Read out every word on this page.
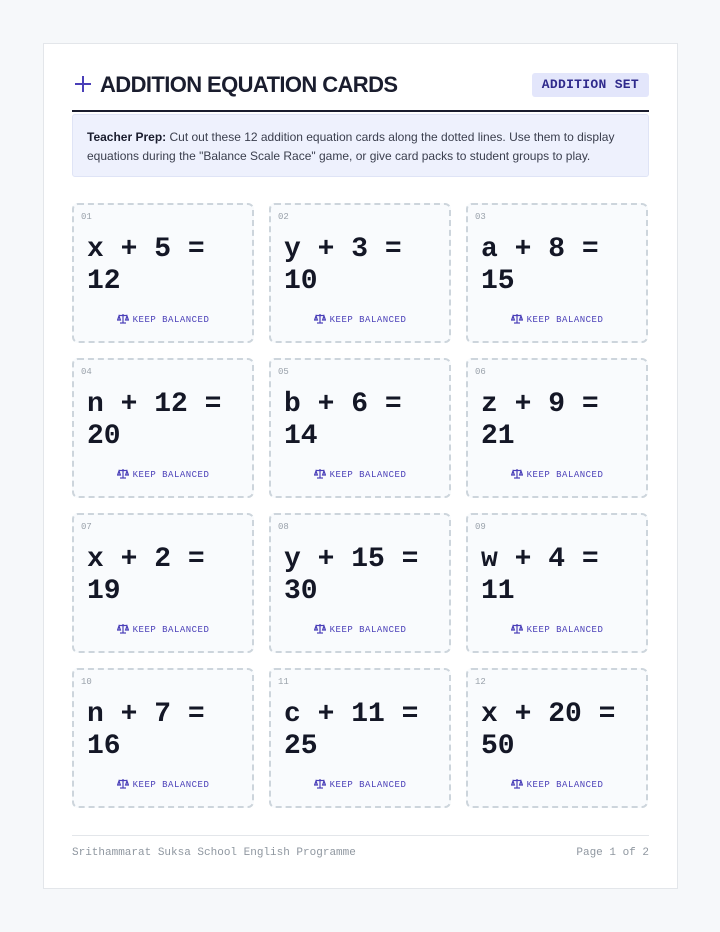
ADDITION EQUATION CARDS	ADDITION SET
Teacher Prep: Cut out these 12 addition equation cards along the dotted lines. Use them to display equations during the "Balance Scale Race" game, or give card packs to student groups to play.
01
x + 5 =
12
KEEP BALANCED
02
y + 3 =
10
KEEP BALANCED
03
a + 8 =
15
KEEP BALANCED
04
n + 12 =
20
KEEP BALANCED
05
b + 6 =
14
KEEP BALANCED
06
z + 9 =
21
KEEP BALANCED
07
x + 2 =
19
KEEP BALANCED
08
y + 15 =
30
KEEP BALANCED
09
w + 4 =
11
KEEP BALANCED
10
n + 7 =
16
KEEP BALANCED
11
c + 11 =
25
KEEP BALANCED
12
x + 20 =
50
KEEP BALANCED
Srithammarat Suksa School English Programme	Page 1 of 2
